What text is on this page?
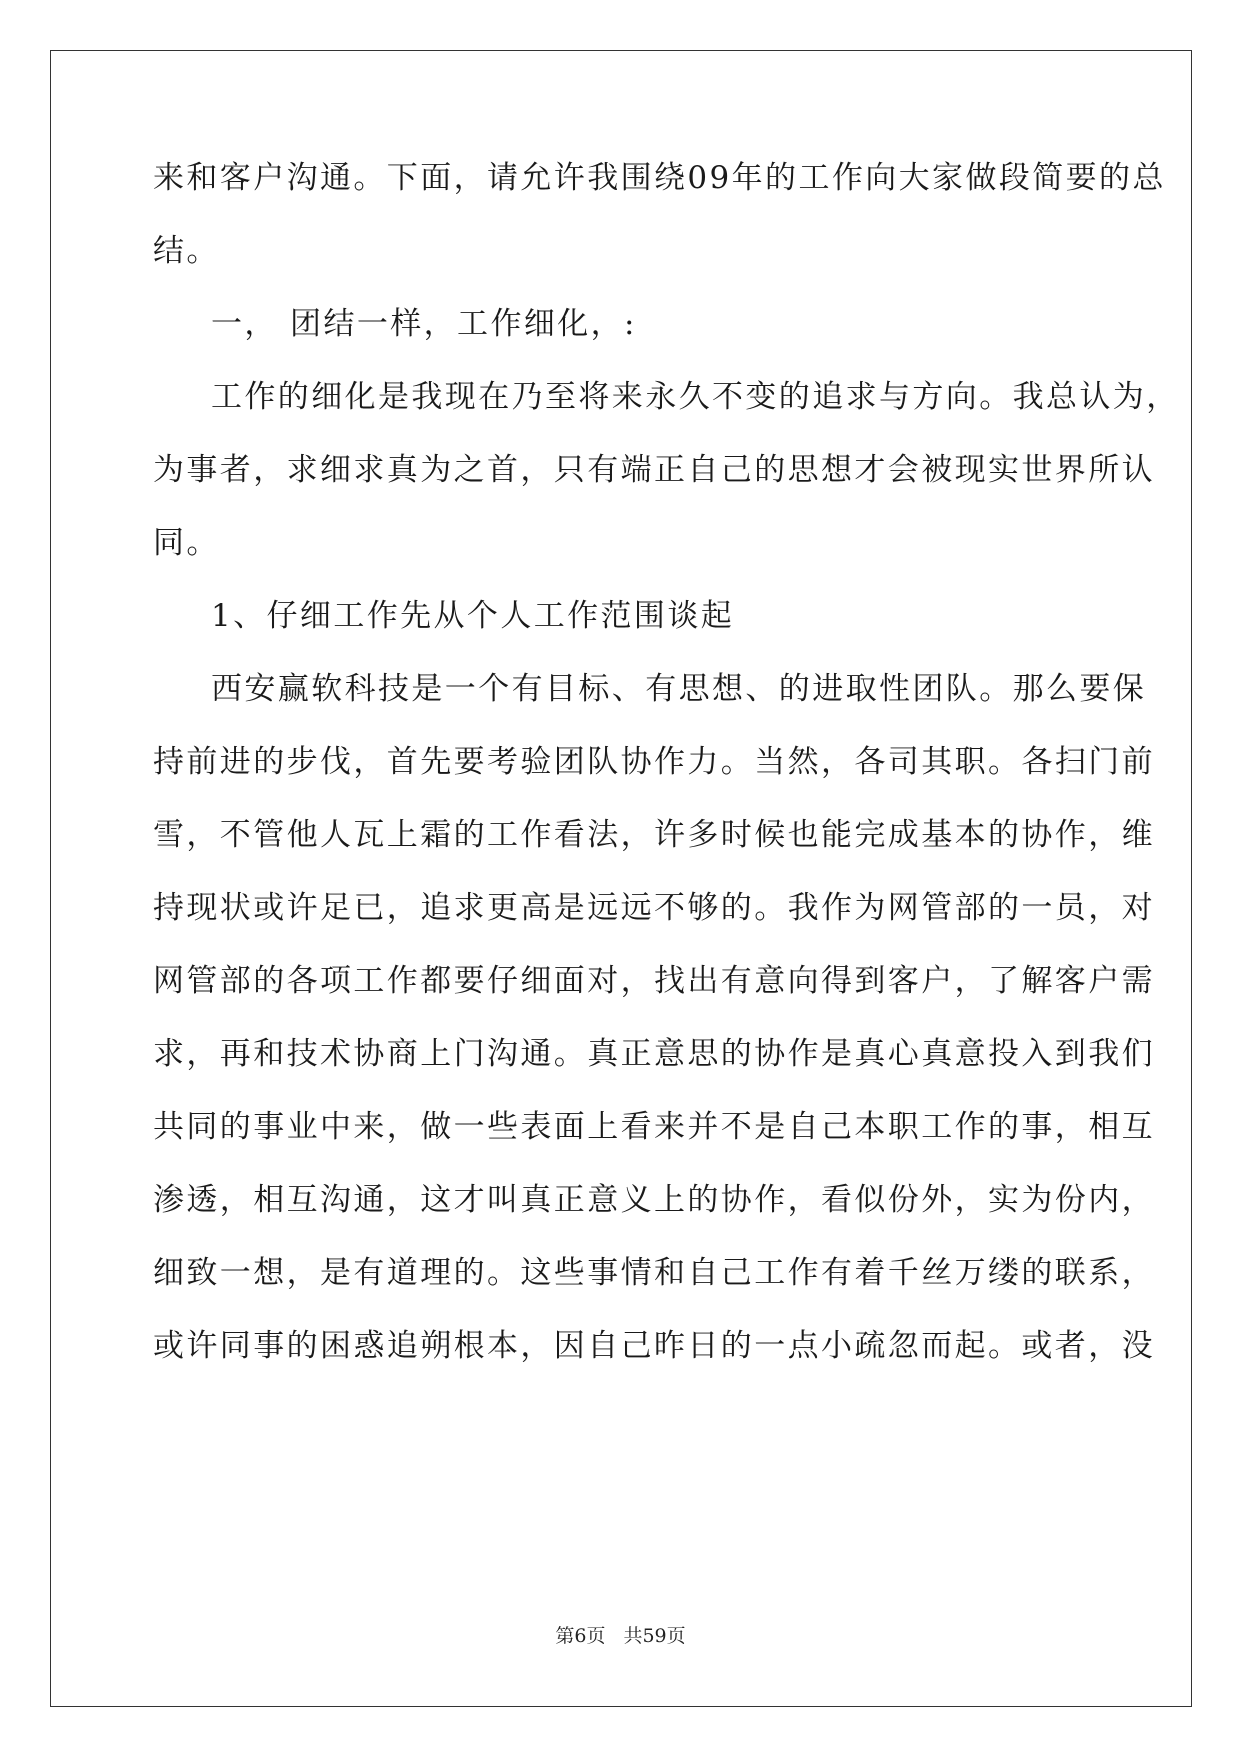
来和客户沟通。下面，请允许我围绕09年的工作向大家做段简要的总
结。
一， 团结一样，工作细化，:
工作的细化是我现在乃至将来永久不变的追求与方向。我总认为，
为事者，求细求真为之首，只有端正自己的思想才会被现实世界所认
同。
1、仔细工作先从个人工作范围谈起
西安赢软科技是一个有目标、有思想、的进取性团队。那么要保
持前进的步伐，首先要考验团队协作力。当然，各司其职。各扫门前
雪，不管他人瓦上霜的工作看法，许多时候也能完成基本的协作，维
持现状或许足已，追求更高是远远不够的。我作为网管部的一员，对
网管部的各项工作都要仔细面对，找出有意向得到客户，了解客户需
求，再和技术协商上门沟通。真正意思的协作是真心真意投入到我们
共同的事业中来，做一些表面上看来并不是自己本职工作的事，相互
渗透，相互沟通，这才叫真正意义上的协作，看似份外，实为份内，
细致一想，是有道理的。这些事情和自己工作有着千丝万缕的联系，
或许同事的困惑追朔根本，因自己昨日的一点小疏忽而起。或者，没
第6页 共59页
